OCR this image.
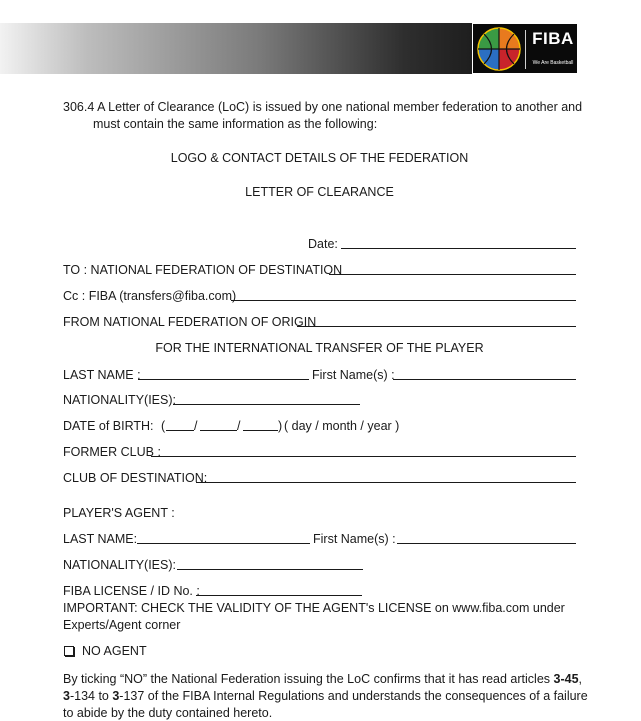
FIBA
We Are Basketball
306.4 A Letter of Clearance (LoC) is issued by one national member federation to another and
must contain the same information as the following:
LOGO & CONTACT DETAILS OF THE FEDERATION
LETTER OF CLEARANCE
Date:
TO : NATIONAL FEDERATION OF DESTINATION
Cc : FIBA (transfers@fiba.com)
FROM NATIONAL FEDERATION OF ORIGIN
FOR THE INTERNATIONAL TRANSFER OF THE PLAYER
LAST NAME :	First Name(s) :
NATIONALITY(IES):
DATE of BIRTH: ( /	/	) ( day / month / year )
FORMER CLUB :
CLUB OF DESTINATION:
PLAYER'S AGENT :
LAST NAME:	First Name(s) :
NATIONALITY(IES):
FIBA LICENSE / ID No. :
IMPORTANT: CHECK THE VALIDITY OF THE AGENT's LICENSE on www.fiba.com under
Experts/Agent corner
NO AGENT
By ticking “NO” the National Federation issuing the LoC confirms that it has read articles 3-45,
3-134 to 3-137 of the FIBA Internal Regulations and understands the consequences of a failure
to abide by the duty contained hereto.
